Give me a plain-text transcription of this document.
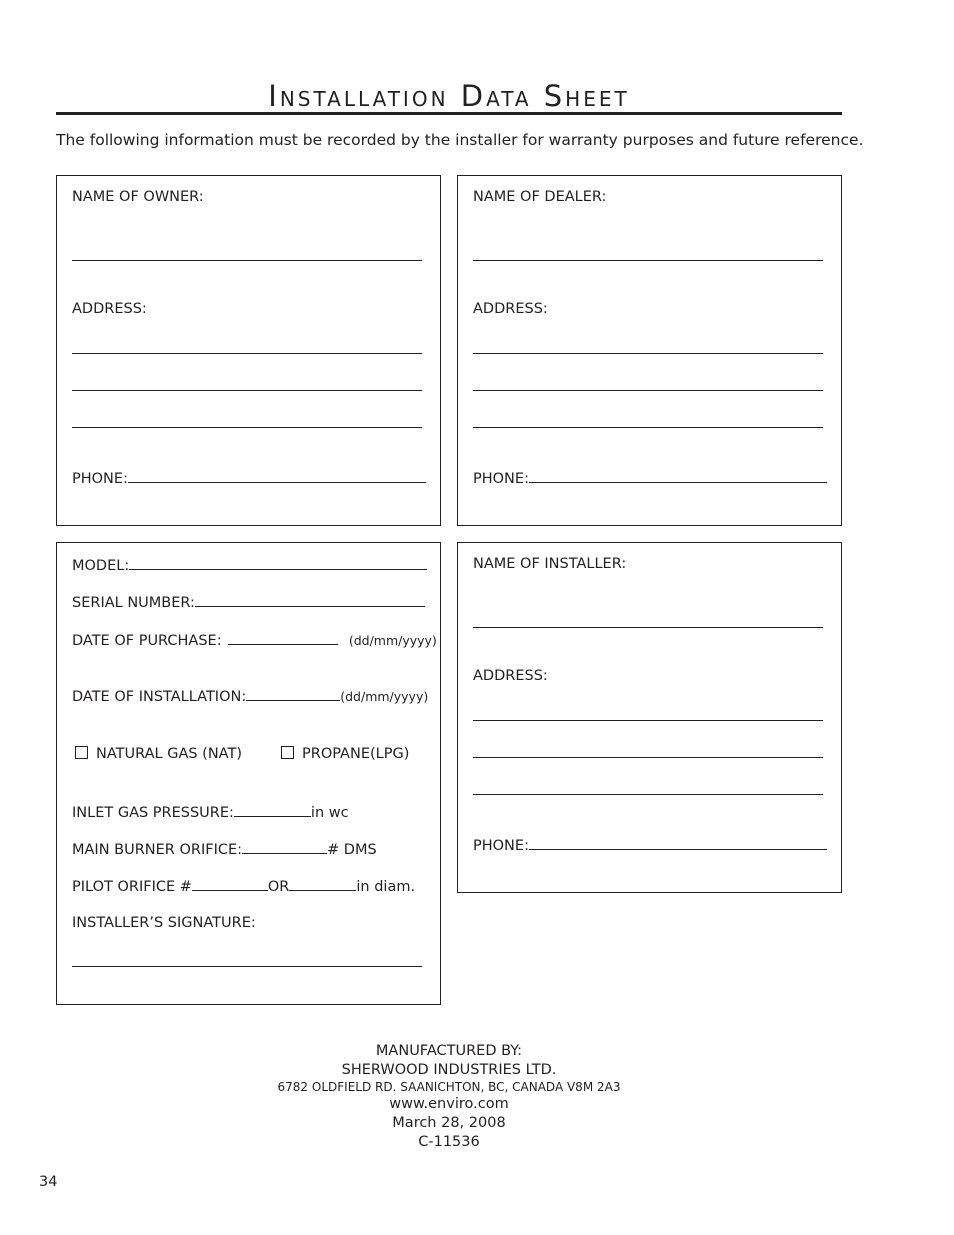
Installation Data Sheet
The following information must be recorded by the installer for warranty purposes and future reference.
NAME OF OWNER:
ADDRESS:
PHONE:
NAME OF DEALER:
ADDRESS:
PHONE:
MODEL:
SERIAL NUMBER:
DATE OF PURCHASE:	(dd/mm/yyyy)
DATE OF INSTALLATION:	(dd/mm/yyyy)
NATURAL GAS (NAT)	PROPANE(LPG)
INLET GAS PRESSURE:	in wc
MAIN BURNER ORIFICE:	# DMS
PILOT ORIFICE #	OR	in diam.
INSTALLER’S SIGNATURE:
NAME OF INSTALLER:
ADDRESS:
PHONE:
MANUFACTURED BY:
SHERWOOD INDUSTRIES LTD.
6782 OLDFIELD RD. SAANICHTON, BC, CANADA V8M 2A3
www.enviro.com
March 28, 2008
C-11536
34
